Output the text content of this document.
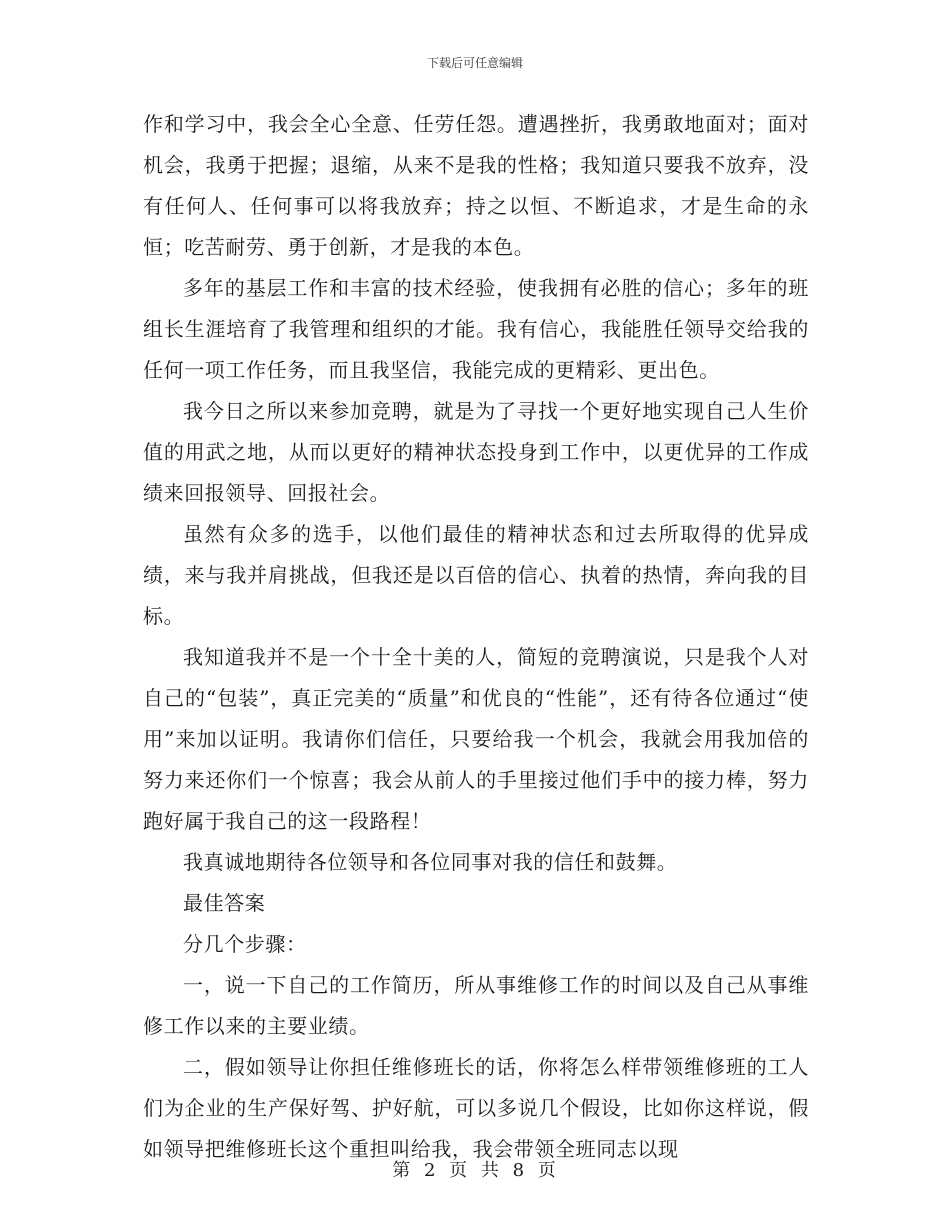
下载后可任意编辑

作和学习中，我会全心全意、任劳任怨。遭遇挫折，我勇敢地面对；面对机会，我勇于把握；退缩，从来不是我的性格；我知道只要我不放弃，没有任何人、任何事可以将我放弃；持之以恒、不断追求，才是生命的永恒；吃苦耐劳、勇于创新，才是我的本色。

多年的基层工作和丰富的技术经验，使我拥有必胜的信心；多年的班组长生涯培育了我管理和组织的才能。我有信心，我能胜任领导交给我的任何一项工作任务，而且我坚信，我能完成的更精彩、更出色。

我今日之所以来参加竞聘，就是为了寻找一个更好地实现自己人生价值的用武之地，从而以更好的精神状态投身到工作中，以更优异的工作成绩来回报领导、回报社会。

虽然有众多的选手，以他们最佳的精神状态和过去所取得的优异成绩，来与我并肩挑战，但我还是以百倍的信心、执着的热情，奔向我的目标。

我知道我并不是一个十全十美的人，简短的竞聘演说，只是我个人对自己的“包装”，真正完美的“质量”和优良的“性能”，还有待各位通过“使用”来加以证明。我请你们信任，只要给我一个机会，我就会用我加倍的努力来还你们一个惊喜；我会从前人的手里接过他们手中的接力棒，努力跑好属于我自己的这一段路程！

我真诚地期待各位领导和各位同事对我的信任和鼓舞。

最佳答案

分几个步骤：

一，说一下自己的工作简历，所从事维修工作的时间以及自己从事维修工作以来的主要业绩。

二，假如领导让你担任维修班长的话，你将怎么样带领维修班的工人们为企业的生产保好驾、护好航，可以多说几个假设，比如你这样说，假如领导把维修班长这个重担叫给我，我会带领全班同志以现

第 2 页 共 8 页
